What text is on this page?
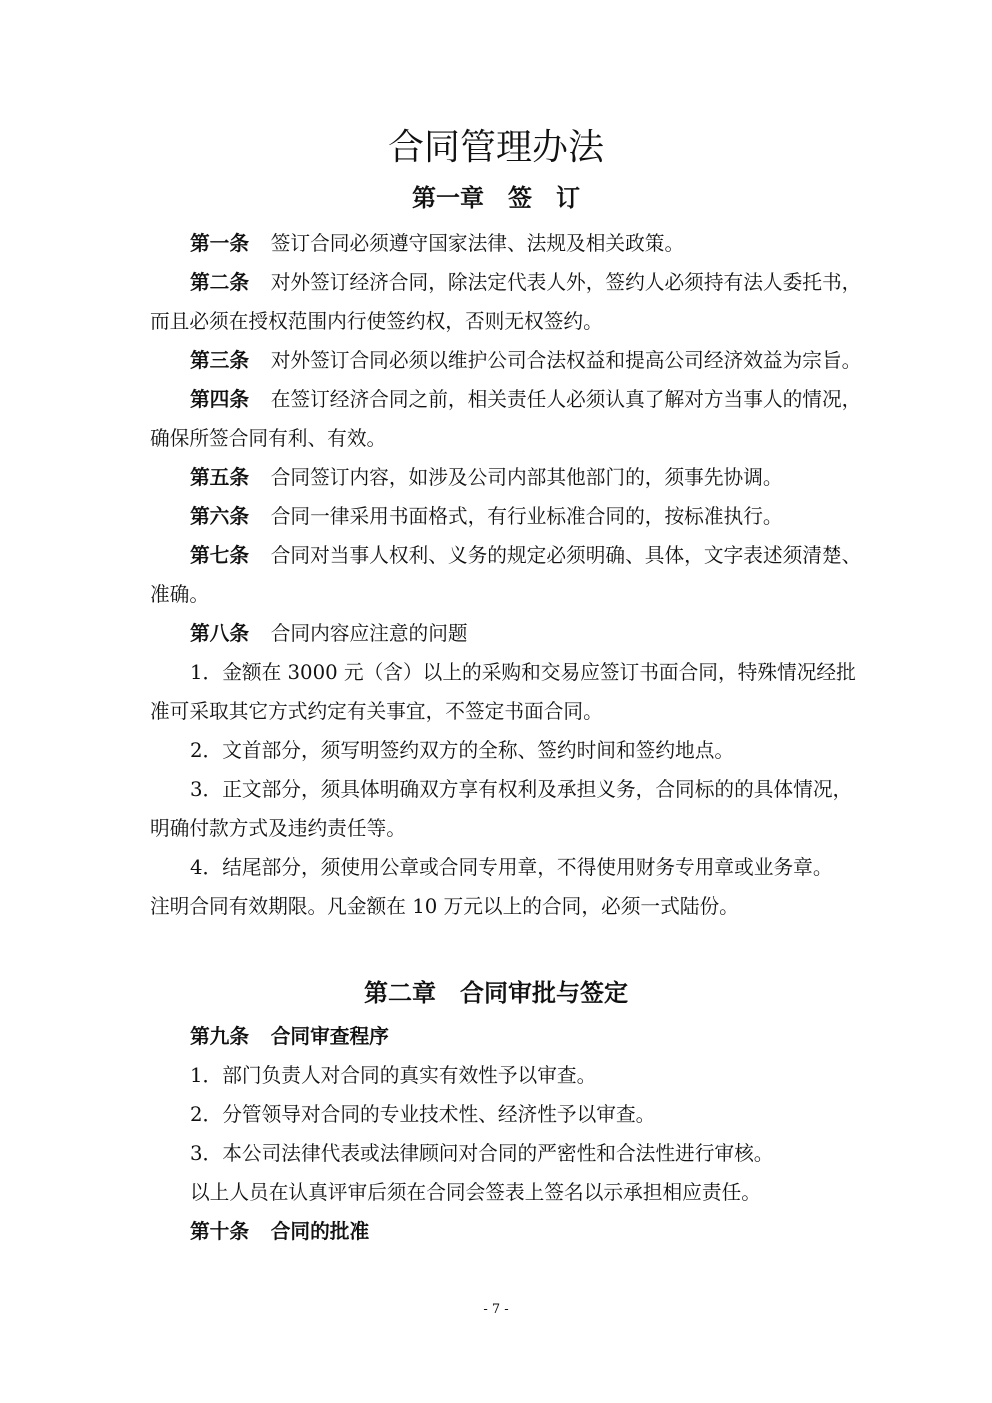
合同管理办法
第一章　签　订
第一条 签订合同必须遵守国家法律、法规及相关政策。
第二条 对外签订经济合同，除法定代表人外，签约人必须持有法人委托书，
而且必须在授权范围内行使签约权，否则无权签约。
第三条 对外签订合同必须以维护公司合法权益和提高公司经济效益为宗旨。
第四条 在签订经济合同之前，相关责任人必须认真了解对方当事人的情况，
确保所签合同有利、有效。
第五条 合同签订内容，如涉及公司内部其他部门的，须事先协调。
第六条 合同一律采用书面格式，有行业标准合同的，按标准执行。
第七条 合同对当事人权利、义务的规定必须明确、具体，文字表述须清楚、
准确。
第八条 合同内容应注意的问题
1．金额在 3000 元（含）以上的采购和交易应签订书面合同，特殊情况经批
准可采取其它方式约定有关事宜，不签定书面合同。
2．文首部分，须写明签约双方的全称、签约时间和签约地点。
3．正文部分，须具体明确双方享有权利及承担义务，合同标的的具体情况，
明确付款方式及违约责任等。
4．结尾部分，须使用公章或合同专用章，不得使用财务专用章或业务章。
注明合同有效期限。凡金额在 10 万元以上的合同，必须一式陆份。
第二章　合同审批与签定
第九条 合同审查程序
1．部门负责人对合同的真实有效性予以审查。
2．分管领导对合同的专业技术性、经济性予以审查。
3．本公司法律代表或法律顾问对合同的严密性和合法性进行审核。
以上人员在认真评审后须在合同会签表上签名以示承担相应责任。
第十条 合同的批准
- 7 -
